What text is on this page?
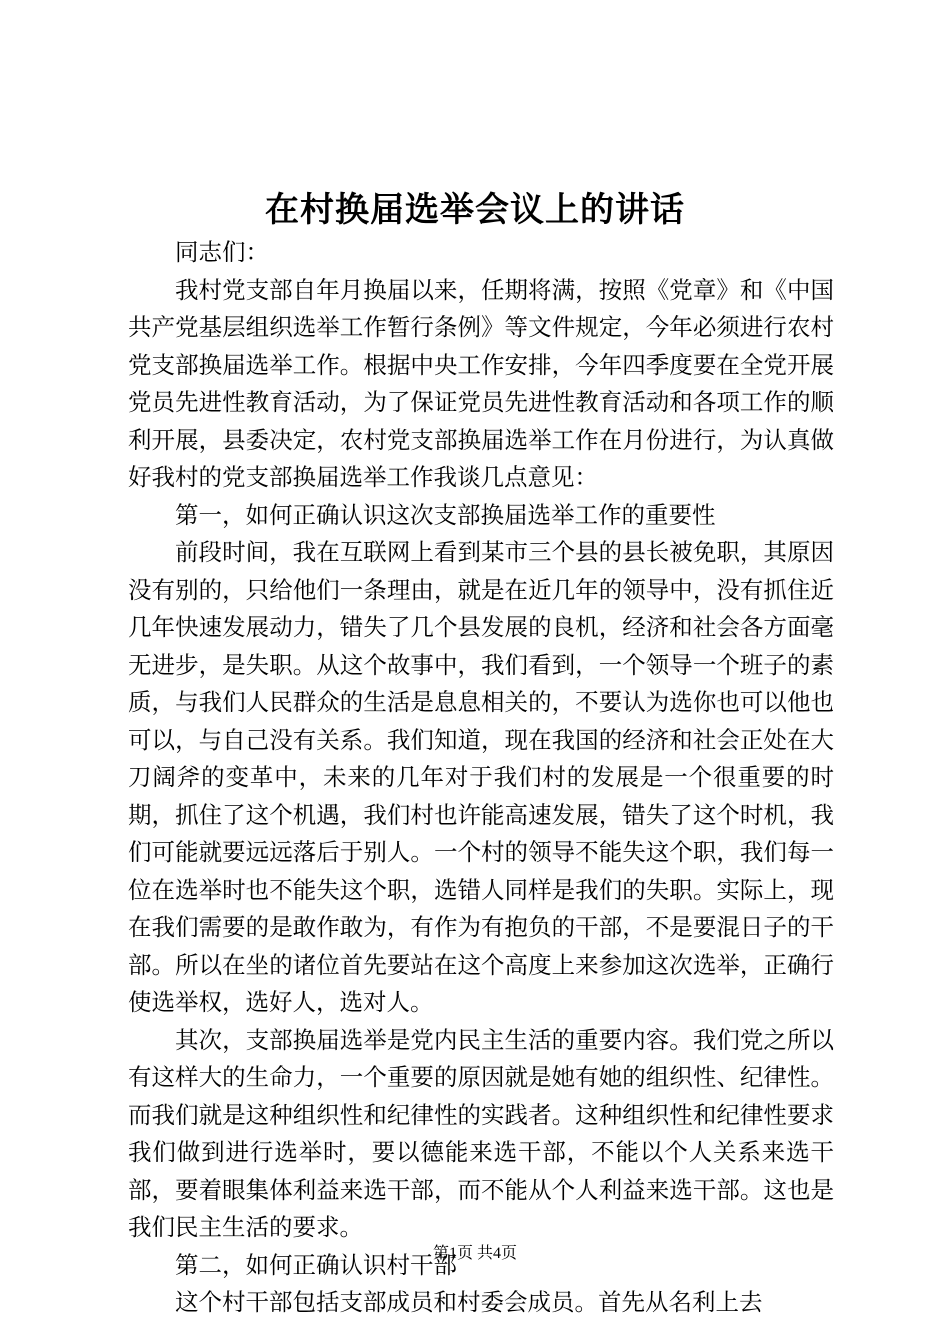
在村换届选举会议上的讲话

同志们：

我村党支部自年月换届以来，任期将满，按照《党章》和《中国共产党基层组织选举工作暂行条例》等文件规定，今年必须进行农村党支部换届选举工作。根据中央工作安排，今年四季度要在全党开展党员先进性教育活动，为了保证党员先进性教育活动和各项工作的顺利开展，县委决定，农村党支部换届选举工作在月份进行，为认真做好我村的党支部换届选举工作我谈几点意见：

第一，如何正确认识这次支部换届选举工作的重要性

前段时间，我在互联网上看到某市三个县的县长被免职，其原因没有别的，只给他们一条理由，就是在近几年的领导中，没有抓住近几年快速发展动力，错失了几个县发展的良机，经济和社会各方面毫无进步，是失职。从这个故事中，我们看到，一个领导一个班子的素质，与我们人民群众的生活是息息相关的，不要认为选你也可以他也可以，与自己没有关系。我们知道，现在我国的经济和社会正处在大刀阔斧的变革中，未来的几年对于我们村的发展是一个很重要的时期，抓住了这个机遇，我们村也许能高速发展，错失了这个时机，我们可能就要远远落后于别人。一个村的领导不能失这个职，我们每一位在选举时也不能失这个职，选错人同样是我们的失职。实际上，现在我们需要的是敢作敢为，有作为有抱负的干部，不是要混日子的干部。所以在坐的诸位首先要站在这个高度上来参加这次选举，正确行使选举权，选好人，选对人。

其次，支部换届选举是党内民主生活的重要内容。我们党之所以有这样大的生命力，一个重要的原因就是她有她的组织性、纪律性。而我们就是这种组织性和纪律性的实践者。这种组织性和纪律性要求我们做到进行选举时，要以德能来选干部，不能以个人关系来选干部，要着眼集体利益来选干部，而不能从个人利益来选干部。这也是我们民主生活的要求。

第二，如何正确认识村干部

这个村干部包括支部成员和村委会成员。首先从名利上去

第1页 共4页
